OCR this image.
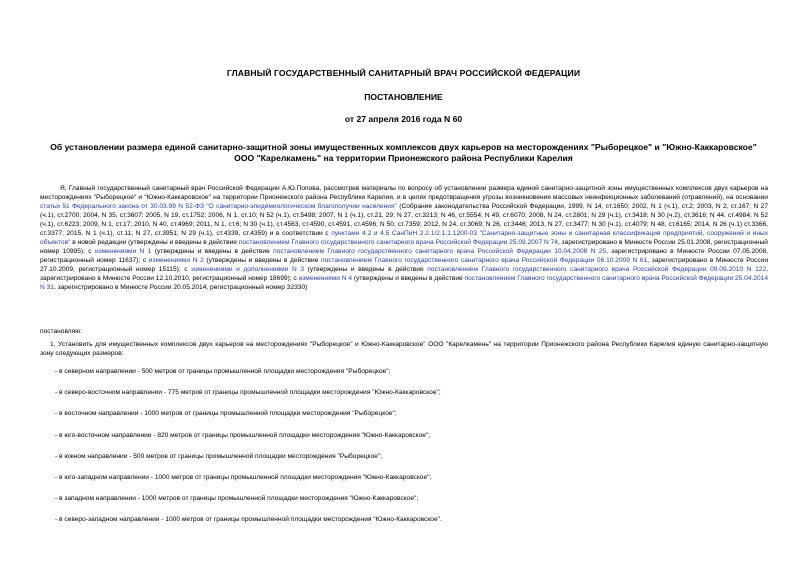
ГЛАВНЫЙ ГОСУДАРСТВЕННЫЙ САНИТАРНЫЙ ВРАЧ РОССИЙСКОЙ ФЕДЕРАЦИИ
ПОСТАНОВЛЕНИЕ
от 27 апреля 2016 года N 60
Об установлении размера единой санитарно-защитной зоны имущественных комплексов двух карьеров на месторождениях "Рыборецкое" и "Южно-Каккаровское" ООО "Карелкамень" на территории Прионежского района Республики Карелия
Я, Главный государственный санитарный врач Российской Федерации А.Ю.Попова, рассмотрев материалы по вопросу об установлении размера единой санитарно-защитной зоны имущественных комплексов двух карьеров на месторождениях "Рыборецкое" и "Южно-Каккаровское" на территории Прионежского района Республики Карелия, и в целях предотвращения угрозы возникновения массовых неинфекционных заболеваний (отравлений), на основании статьи 51 Федерального закона от 30.03.99 N 52-ФЗ "О санитарно-эпидемиологическом благополучии населения" (Собрание законодательства Российской Федерации, 1999, N 14, ст.1650; 2002, N 1 (ч.1), ст.2; 2003, N 2, ст.167; N 27 (ч.1), ст.2700; 2004, N 35, ст.3607; 2005, N 19, ст.1752; 2006, N 1, ст.10; N 52 (ч.1), ст.5498; 2007, N 1 (ч.1), ст.21, 29; N 27, ст.3213; N 46, ст.5554; N 49, ст.6070; 2008, N 24, ст.2801; N 29 (ч.1), ст.3418; N 30 (ч.2), ст.3616; N 44, ст.4984; N 52 (ч.1), ст.6223; 2009, N 1, ст.17; 2010, N 40, ст.4969; 2011, N 1, ст.6; N 30 (ч.1), ст.4563, ст.4590, ст.4591, ст.4596; N 50, ст.7359; 2012, N 24, ст.3069; N 26, ст.3446; 2013, N 27, ст.3477; N 30 (ч.1), ст.4079; N 48, ст.6165; 2014, N 26 (ч.1) ст.3366, ст.3377; 2015, N 1 (ч.1), ст.11; N 27, ст.3951; N 29 (ч.1), ст.4339, ст.4359) и в соответствии с пунктами 4.2 и 4.5 СанПиН 2.2.1/2.1.1.1200-03 "Санитарно-защитные зоны и санитарная классификация предприятий, сооружений и иных объектов" в новой редакции (утверждены и введены в действие постановлением Главного государственного санитарного врача Российской Федерации 25.09.2007 N 74, зарегистрировано в Минюсте России 25.01.2008, регистрационный номер 10995); с изменениями N 1 (утверждены и введены в действие постановлением Главного государственного санитарного врача Российской Федерации 10.04.2008 N 25, зарегистрировано в Минюсте России 07.05.2008, регистрационный номер 11637); с изменениями N 2 (утверждены и введены в действие постановлением Главного государственного санитарного врача Российской Федерации 06.10.2009 N 61, зарегистрировано в Минюсте России 27.10.2009, регистрационный номер 15115); с изменениями и дополнениями N 3 (утверждены и введены в действие постановлением Главного государственного санитарного врача Российской Федерации 09.09.2010 N 122, зарегистрировано в Минюсте России 12.10.2010, регистрационный номер 18699); с изменениями N 4 (утверждены и введены в действие постановлением Главного государственного санитарного врача Российской Федерации 25.04.2014 N 31, зарегистрировано в Минюсте России 20.05.2014, регистрационный номер 32330)
постановляю:
1. Установить для имущественных комплексов двух карьеров на месторождениях "Рыборецкое" и Южно-Каккаровское" ООО "Карелкамень" на территории Прионежского района Республики Карелия единую санитарно-защитную зону следующих размеров:
- в северном направлении - 500 метров от границы промышленной площадки месторождения "Рыборецкое";
- в северо-восточном направлении - 775 метров от границы промышленной площадки месторождения "Южно-Каккаровское";
- в восточном направлении - 1000 метров от границы промышленной площадки месторождения "Рыборецкое";
- в юго-восточном направлении - 820 метров от границы промышленной площадки месторождения "Южно-Каккаровское";
- в южном направлении - 500 метров от границы промышленной площадки месторождения "Рыборецкое";
- в юго-западном направлении - 1000 метров от границы промышленной площадки месторождения "Южно-Каккаровское";
- в западном направлении - 1000 метров от границы промышленной площадки месторождения "Южно-Каккаровское";
- в северо-западном направлении - 1000 метров от границы промышленной площадки месторождения "Южно-Каккаровское".
